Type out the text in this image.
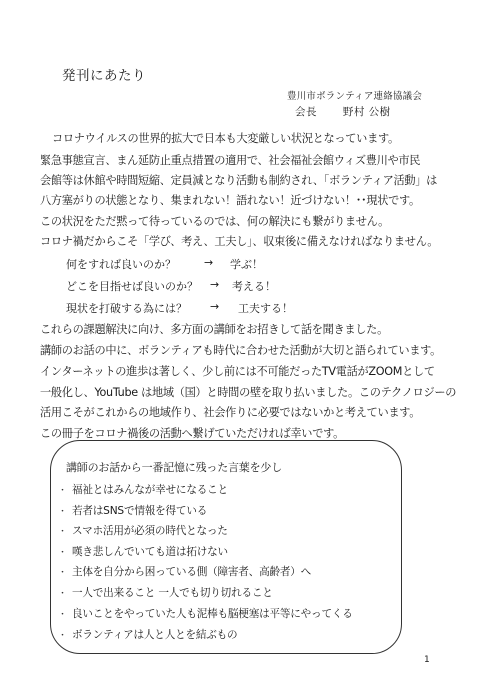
発刊にあたり
豊川市ボランティア連絡協議会
会長 野村 公樹
コロナウイルスの世界的拡大で日本も大変厳しい状況となっています。
緊急事態宣言、まん延防止重点措置の適用で、社会福祉会館ウィズ豊川や市民
会館等は休館や時間短縮、定員減となり活動も制約され、「ボランティア活動」は
八方塞がりの状態となり、集まれない！語れない！近づけない！･･現状です。
この状況をただ黙って待っているのでは、何の解決にも繋がりません。
コロナ禍だからこそ「学び、考え、工夫し」、収束後に備えなければなりません。
何をすれば良いのか？	→ 学ぶ！
どこを目指せば良いのか？ → 考える！
現状を打破する為には？ → 工夫する！
これらの課題解決に向け、多方面の講師をお招きして話を聞きました。
講師のお話の中に、ボランティアも時代に合わせた活動が大切と語られています。
インターネットの進歩は著しく、少し前には不可能だったTV電話がZOOMとして
一般化し、YouTube は地域（国）と時間の壁を取り払いました。このテクノロジーの
活用こそがこれからの地域作り、社会作りに必要ではないかと考えています。
この冊子をコロナ禍後の活動へ繋げていただければ幸いです。
講師のお話から一番記憶に残った言葉を少し
・ 福祉とはみんなが幸せになること
・ 若者はSNSで情報を得ている
・ スマホ活用が必須の時代となった
・ 嘆き悲しんでいても道は拓けない
・ 主体を自分から困っている側（障害者、高齢者）へ
・ 一人で出来ること 一人でも切り切れること
・ 良いことをやっていた人も泥棒も脳梗塞は平等にやってくる
・ ボランティアは人と人とを結ぶもの
1
